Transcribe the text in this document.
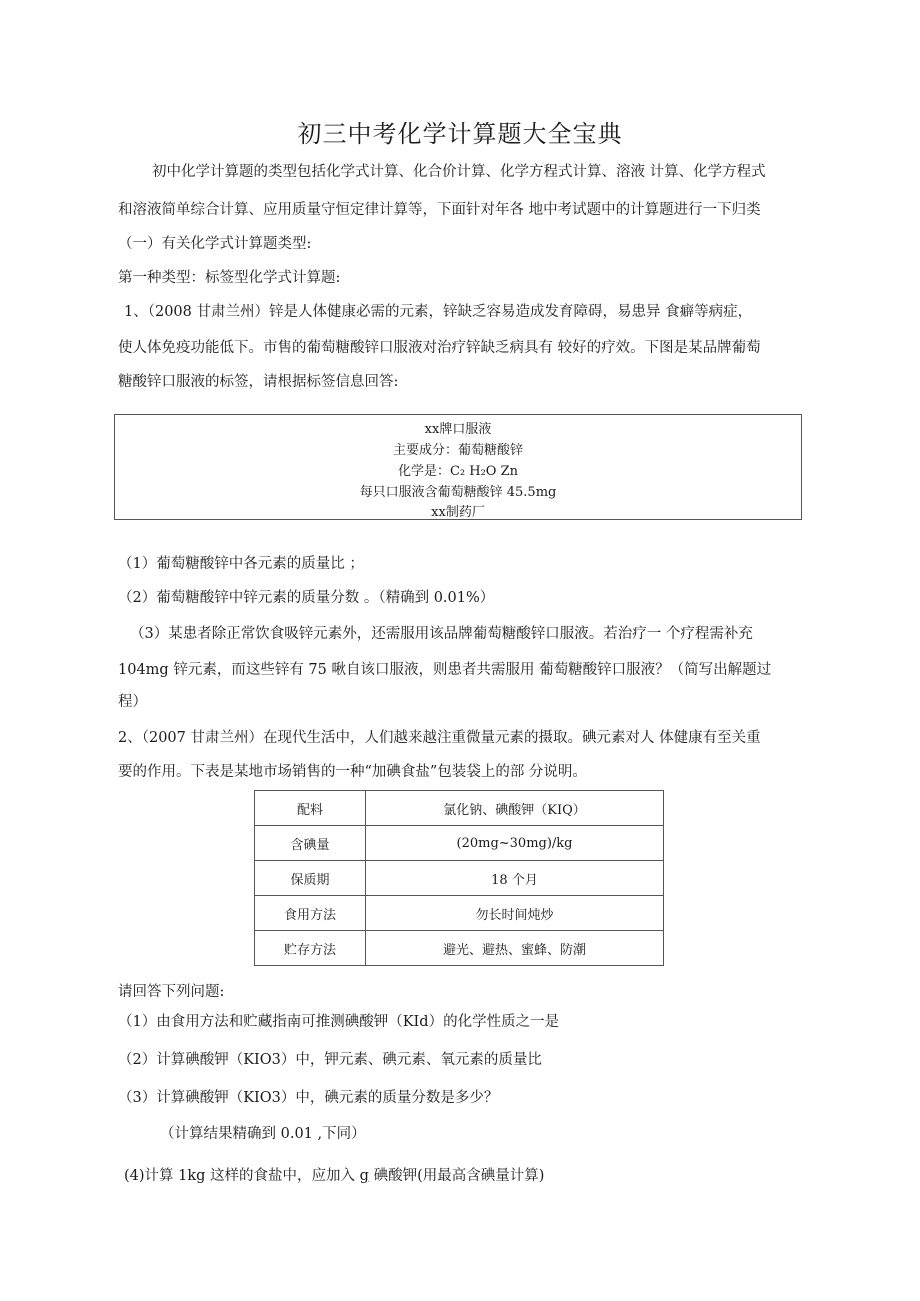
初三中考化学计算题大全宝典
初中化学计算题的类型包括化学式计算、化合价计算、化学方程式计算、溶液 计算、化学方程式
和溶液简单综合计算、应用质量守恒定律计算等，下面针对年各 地中考试题中的计算题进行一下归类
（一）有关化学式计算题类型:
第一种类型：标签型化学式计算题:
1、（2008 甘肃兰州）锌是人体健康必需的元素，锌缺乏容易造成发育障碍，易患异 食癖等病症，
使人体免疫功能低下。市售的葡萄糖酸锌口服液对治疗锌缺乏病具有 较好的疗效。下图是某品牌葡萄
糖酸锌口服液的标签，请根据标签信息回答:
xx牌口服液
主要成分：葡萄糖酸锌
化学是：C₂ H₂O Zn
每只口服液含葡萄糖酸锌 45.5mg
xx制药厂
（1）葡萄糖酸锌中各元素的质量比 ；
（2）葡萄糖酸锌中锌元素的质量分数 。（精确到 0.01%）
（3）某患者除正常饮食吸锌元素外，还需服用该品牌葡萄糖酸锌口服液。若治疗一 个疗程需补充
104mg 锌元素，而这些锌有 75 啾自该口服液，则患者共需服用 葡萄糖酸锌口服液？（简写出解题过
程）
2、（2007 甘肃兰州）在现代生活中，人们越来越注重微量元素的摄取。碘元素对人 体健康有至关重
要的作用。下表是某地市场销售的一种“加碘食盐”包装袋上的部 分说明。
配料	氯化钠、碘酸钾（KIQ）
含碘量	(20mg~30mg)/kg
保质期	18 个月
食用方法	勿长时间炖炒
贮存方法	避光、避热、蜜蜂、防潮
请回答下列问题:
（1）由食用方法和贮藏指南可推测碘酸钾（KId）的化学性质之一是
（2）计算碘酸钾（KIO3）中，钾元素、碘元素、氧元素的质量比
（3）计算碘酸钾（KIO3）中，碘元素的质量分数是多少？
（计算结果精确到 0.01 ,下同）
(4)计算 1kg 这样的食盐中，应加入 g 碘酸钾(用最高含碘量计算)
